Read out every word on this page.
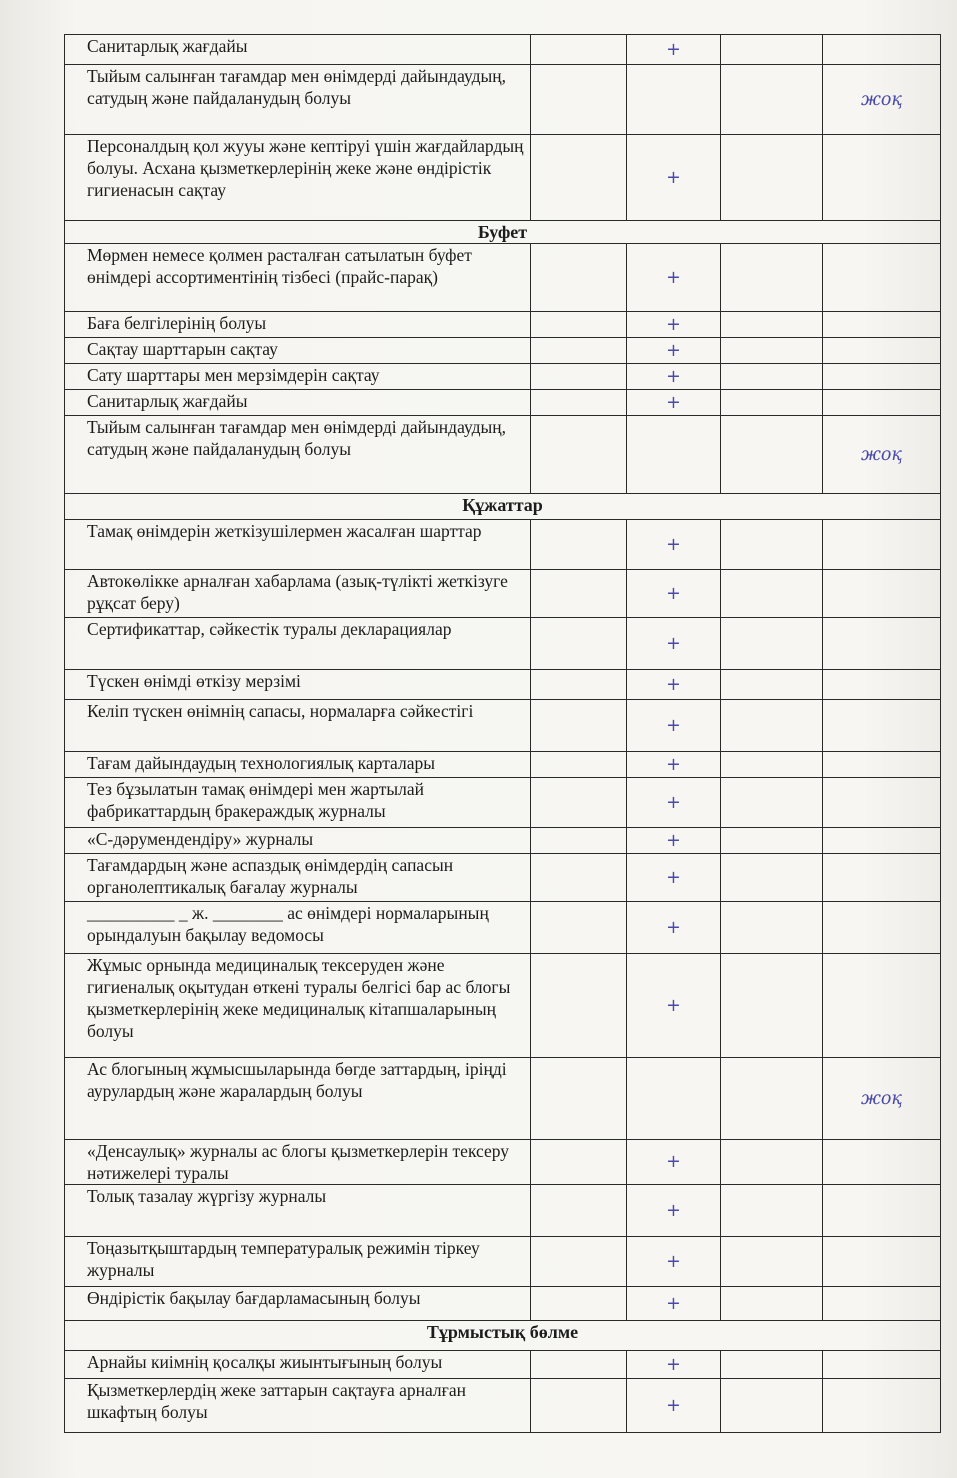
Санитарлық жағдайы		+		
Тыйым салынған тағамдар мен өнімдерді дайындаудың, сатудың және пайдаланудың болуы				жоқ
Персоналдың қол жууы және кептіруі үшін жағдайлардың болуы. Асхана қызметкерлерінің жеке және өндірістік гигиенасын сақтау		+		
Буфет				
Мөрмен немесе қолмен расталған сатылатын буфет өнімдері ассортиментінің тізбесі (прайс-парақ)		+		
Баға белгілерінің болуы		+		
Сақтау шарттарын сақтау		+		
Сату шарттары мен мерзімдерін сақтау		+		
Санитарлық жағдайы		+		
Тыйым салынған тағамдар мен өнімдерді дайындаудың, сатудың және пайдаланудың болуы				жоқ
Құжаттар				
Тамақ өнімдерін жеткізушілермен жасалған шарттар		+		
Автокөлікке арналған хабарлама (азық-түлікті жеткізуге рұқсат беру)		+		
Сертификаттар, сәйкестік туралы декларациялар		+		
Түскен өнімді өткізу мерзімі		+		
Келіп түскен өнімнің сапасы, нормаларға сәйкестігі		+		
Тағам дайындаудың технологиялық карталары		+		
Тез бұзылатын тамақ өнімдері мен жартылай фабрикаттардың бракераждық журналы		+		
«С-дәрумендендіру» журналы		+		
Тағамдардың және аспаздық өнімдердің сапасын органолептикалық бағалау журналы		+		
__________ _ ж. ________ ас өнімдері нормаларының орындалуын бақылау ведомосы		+		
Жұмыс орнында медициналық тексеруден және гигиеналық оқытудан өткені туралы белгісі бар ас блогы қызметкерлерінің жеке медициналық кітапшаларының болуы		+		
Ас блогының жұмысшыларында бөгде заттардың, іріңді аурулардың және жаралардың болуы				жоқ
«Денсаулық» журналы ас блогы қызметкерлерін тексеру нәтижелері туралы		+		
Толық тазалау жүргізу журналы		+		
Тоңазытқыштардың температуралық режимін тіркеу журналы		+		
Өндірістік бақылау бағдарламасының болуы		+		
Тұрмыстық бөлме				
Арнайы киімнің қосалқы жиынтығының болуы		+		
Қызметкерлердің жеке заттарын сақтауға арналған шкафтың болуы		+		
